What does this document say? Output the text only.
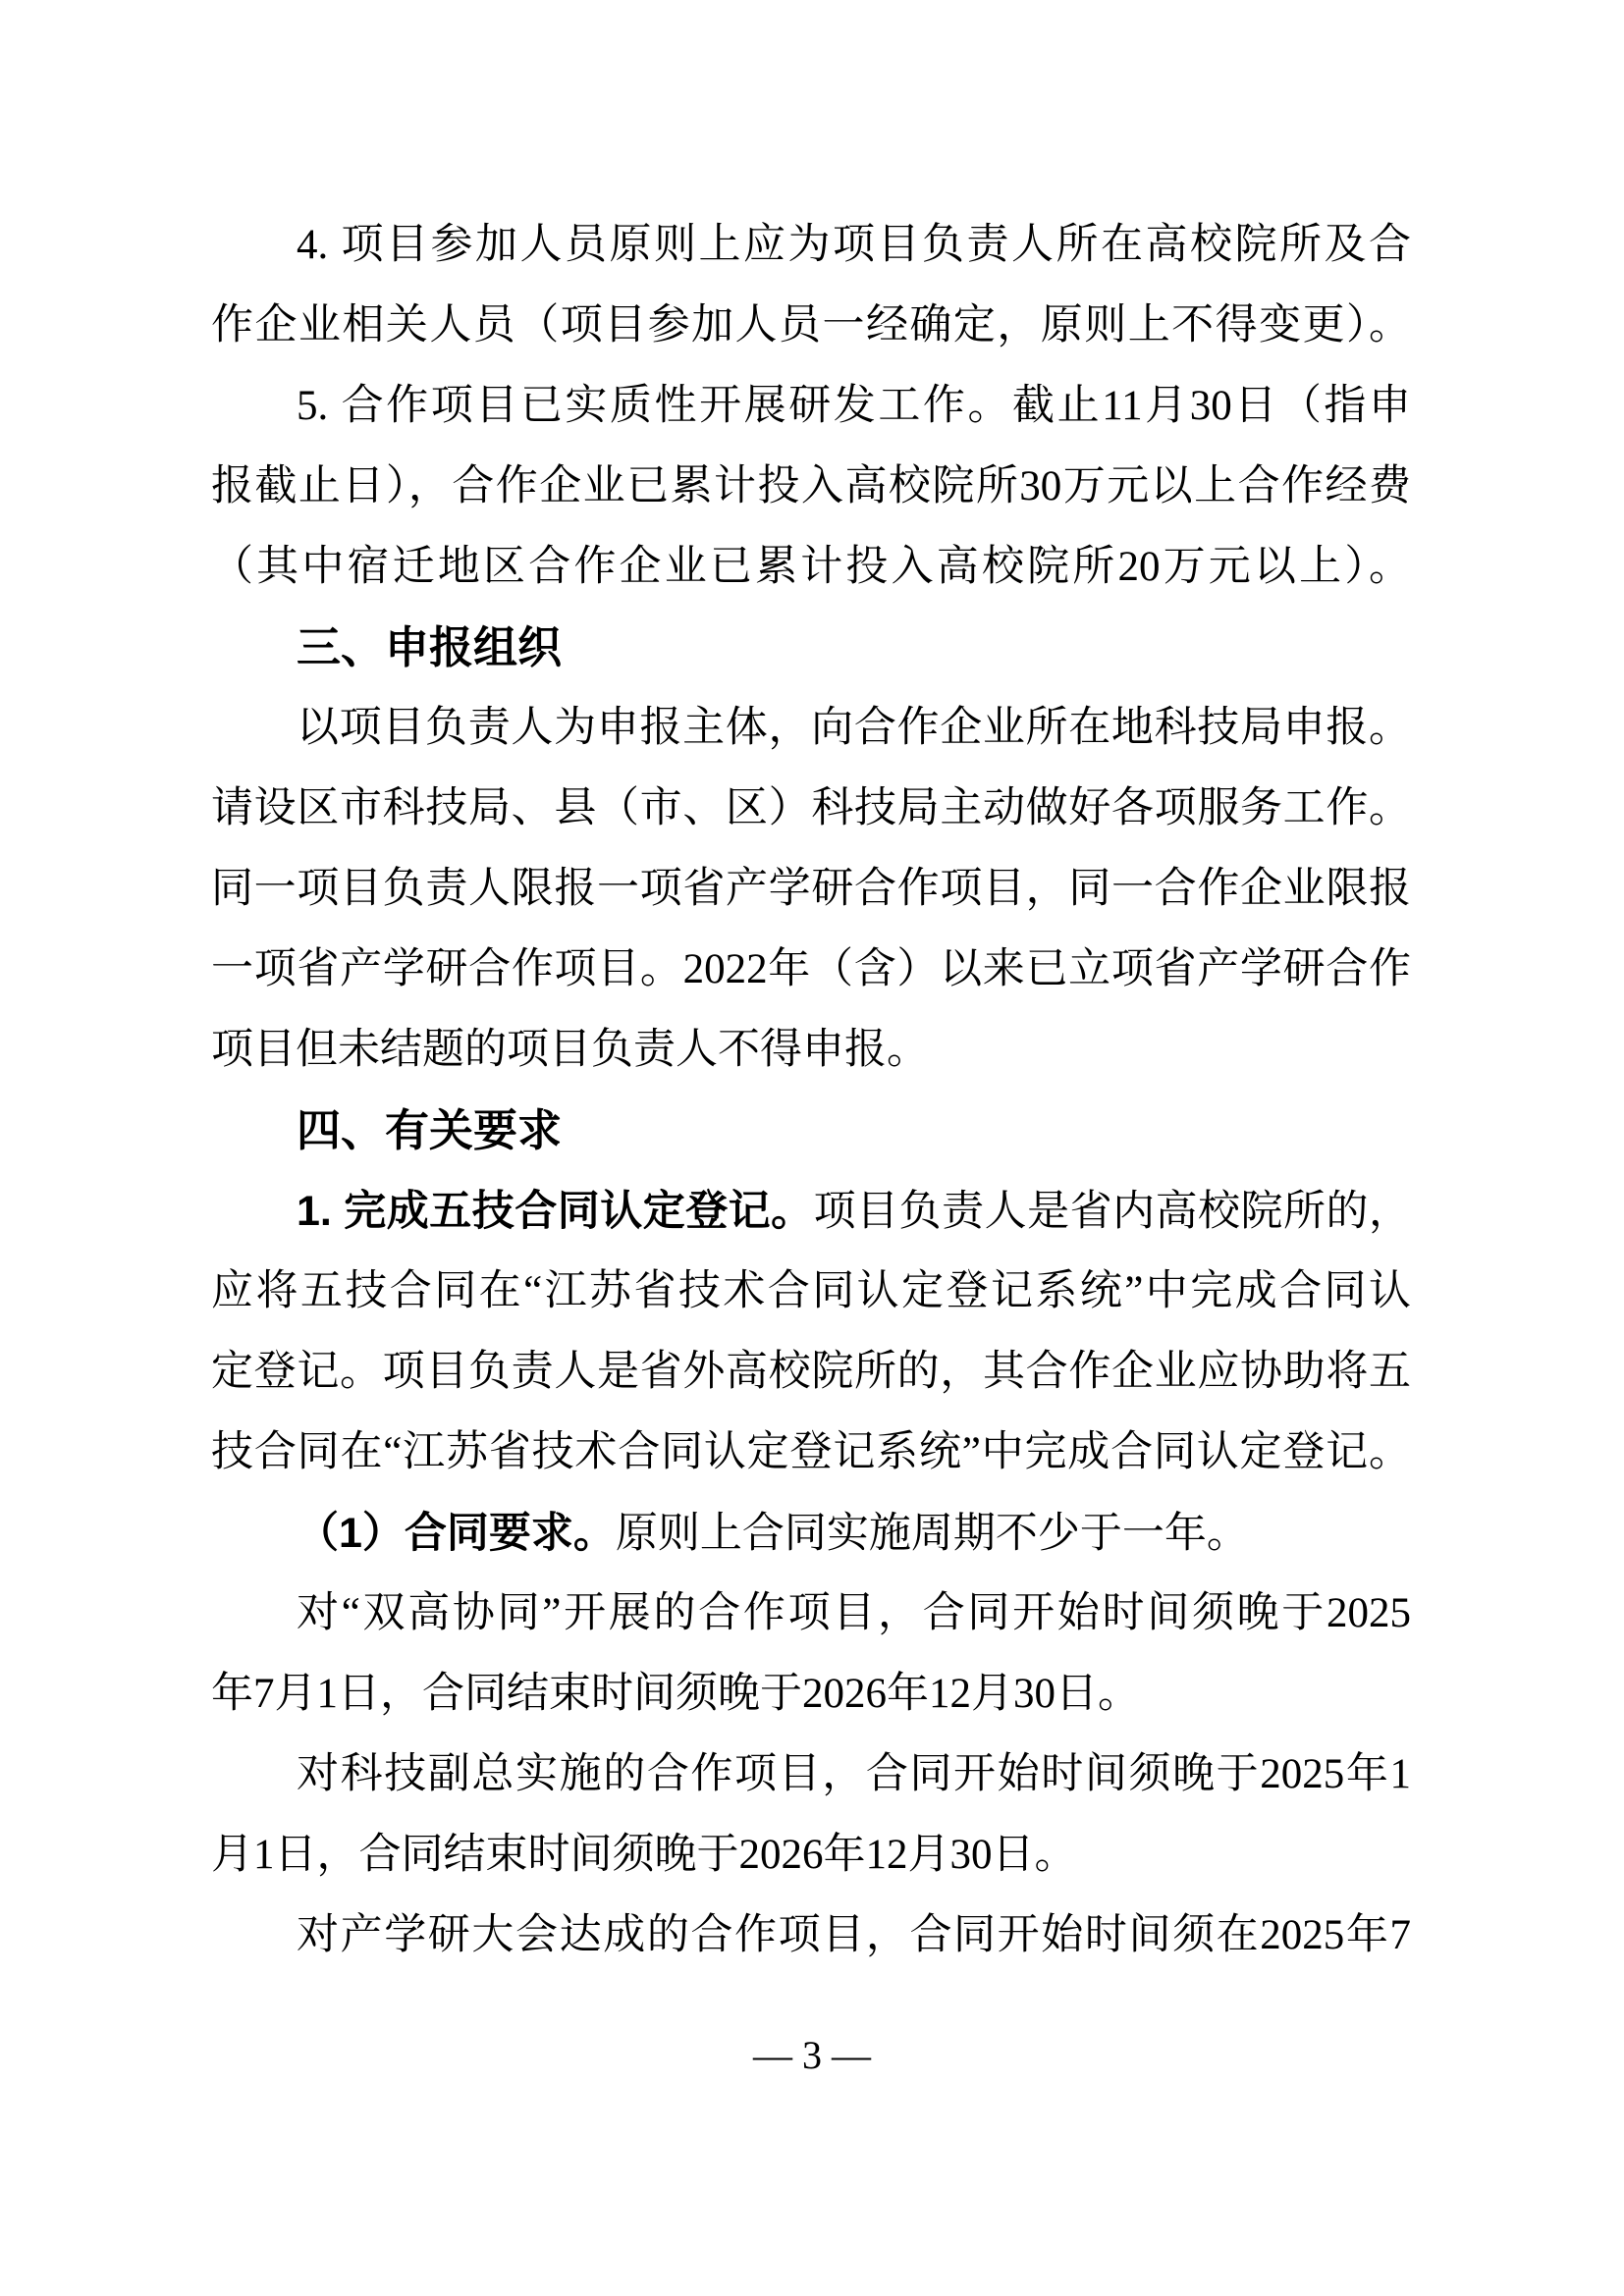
4. 项目参加人员原则上应为项目负责人所在高校院所及合
作企业相关人员（项目参加人员一经确定，原则上不得变更）。
5. 合作项目已实质性开展研发工作。截止11月30日（指申
报截止日），合作企业已累计投入高校院所30万元以上合作经费
（其中宿迁地区合作企业已累计投入高校院所20万元以上）。
三、申报组织
以项目负责人为申报主体，向合作企业所在地科技局申报。
请设区市科技局、县（市、区）科技局主动做好各项服务工作。
同一项目负责人限报一项省产学研合作项目，同一合作企业限报
一项省产学研合作项目。2022年（含）以来已立项省产学研合作
项目但未结题的项目负责人不得申报。
四、有关要求
1. 完成五技合同认定登记。项目负责人是省内高校院所的，
应将五技合同在“江苏省技术合同认定登记系统”中完成合同认
定登记。项目负责人是省外高校院所的，其合作企业应协助将五
技合同在“江苏省技术合同认定登记系统”中完成合同认定登记。
（1）合同要求。原则上合同实施周期不少于一年。
对“双高协同”开展的合作项目，合同开始时间须晚于2025
年7月1日，合同结束时间须晚于2026年12月30日。
对科技副总实施的合作项目，合同开始时间须晚于2025年1
月1日，合同结束时间须晚于2026年12月30日。
对产学研大会达成的合作项目，合同开始时间须在2025年7
— 3 —
